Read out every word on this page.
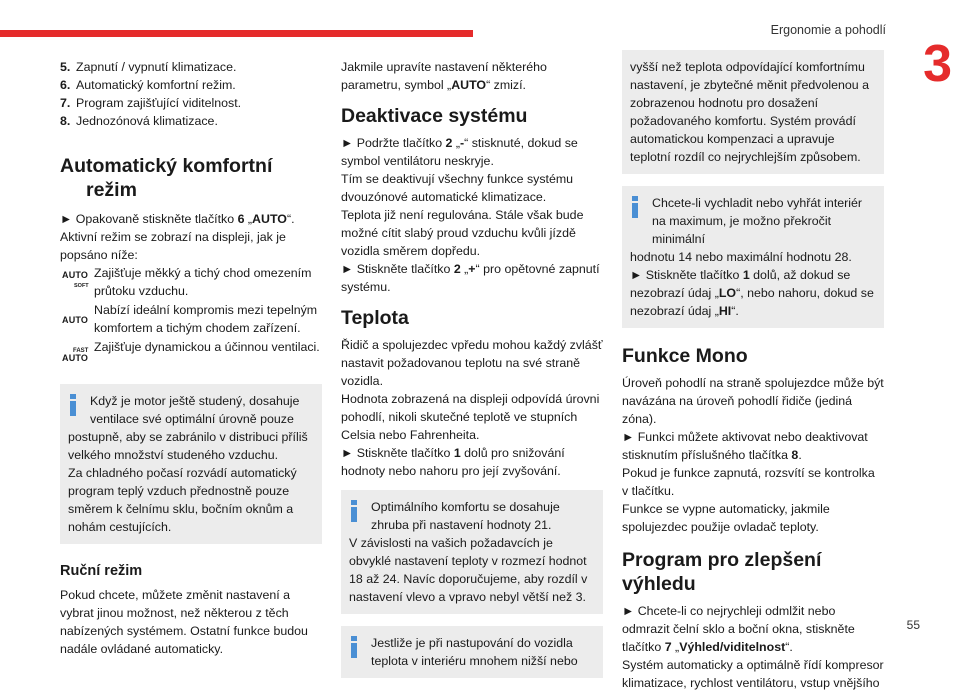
Ergonomie a pohodlí
3
55
5. Zapnutí / vypnutí klimatizace.
6. Automatický komfortní režim.
7. Program zajišťující viditelnost.
8. Jednozónová klimatizace.
Automatický komfortní
režim

► Opakovaně stiskněte tlačítko 6 „AUTO“.

Aktivní režim se zobrazí na displeji, jak je popsáno níže:

AUTO
SOFT
Zajišťuje měkký a tichý chod omezením průtoku vzduchu.
AUTO
Nabízí ideální kompromis mezi tepelným komfortem a tichým chodem zařízení.
FAST
AUTO
Zajišťuje dynamickou a účinnou ventilaci.

Když je motor ještě studený, dosahuje ventilace své optimální úrovně pouze

postupně, aby se zabránilo v distribuci příliš velkého množství studeného vzduchu.

Za chladného počasí rozvádí automatický program teplý vzduch přednostně pouze směrem k čelnímu sklu, bočním oknům a nohám cestujících.

Ruční režim

Pokud chcete, můžete změnit nastavení a vybrat jinou možnost, než některou z těch nabízených systémem. Ostatní funkce budou nadále ovládané automaticky.

Jakmile upravíte nastavení některého parametru, symbol „AUTO“ zmizí.

Deaktivace systému

► Podržte tlačítko 2 „-“ stisknuté, dokud se symbol ventilátoru neskryje.

Tím se deaktivují všechny funkce systému dvouzónové automatické klimatizace.

Teplota již není regulována. Stále však bude možné cítit slabý proud vzduchu kvůli jízdě vozidla směrem dopředu.

► Stiskněte tlačítko 2 „+“ pro opětovné zapnutí systému.

Teplota

Řidič a spolujezdec vpředu mohou každý zvlášť nastavit požadovanou teplotu na své straně vozidla.

Hodnota zobrazená na displeji odpovídá úrovni pohodlí, nikoli skutečné teplotě ve stupních Celsia nebo Fahrenheita.

► Stiskněte tlačítko 1 dolů pro snižování hodnoty nebo nahoru pro její zvyšování.

Optimálního komfortu se dosahuje zhruba při nastavení hodnoty 21.

V závislosti na vašich požadavcích je obvyklé nastavení teploty v rozmezí hodnot 18 až 24. Navíc doporučujeme, aby rozdíl v nastavení vlevo a vpravo nebyl větší než 3.

Jestliže je při nastupování do vozidla teplota v interiéru mnohem nižší nebo

vyšší než teplota odpovídající komfortnímu nastavení, je zbytečné měnit předvolenou a zobrazenou hodnotu pro dosažení požadovaného komfortu. Systém provádí automatickou kompenzaci a upravuje teplotní rozdíl co nejrychlejším způsobem.

Chcete-li vychladit nebo vyhřát interiér na maximum, je možno překročit minimální

hodnotu 14 nebo maximální hodnotu 28.

► Stiskněte tlačítko 1 dolů, až dokud se nezobrazí údaj „LO“, nebo nahoru, dokud se nezobrazí údaj „HI“.

Funkce Mono

Úroveň pohodlí na straně spolujezdce může být navázána na úroveň pohodlí řidiče (jediná zóna).

► Funkci můžete aktivovat nebo deaktivovat stisknutím příslušného tlačítka 8.

Pokud je funkce zapnutá, rozsvítí se kontrolka v tlačítku.

Funkce se vypne automaticky, jakmile spolujezdec použije ovladač teploty.

Program pro zlepšení
výhledu

► Chcete-li co nejrychleji odmlžit nebo odmrazit čelní sklo a boční okna, stiskněte tlačítko 7 „Výhled/viditelnost“.

Systém automaticky a optimálně řídí kompresor klimatizace, rychlost ventilátoru, vstup vnějšího
